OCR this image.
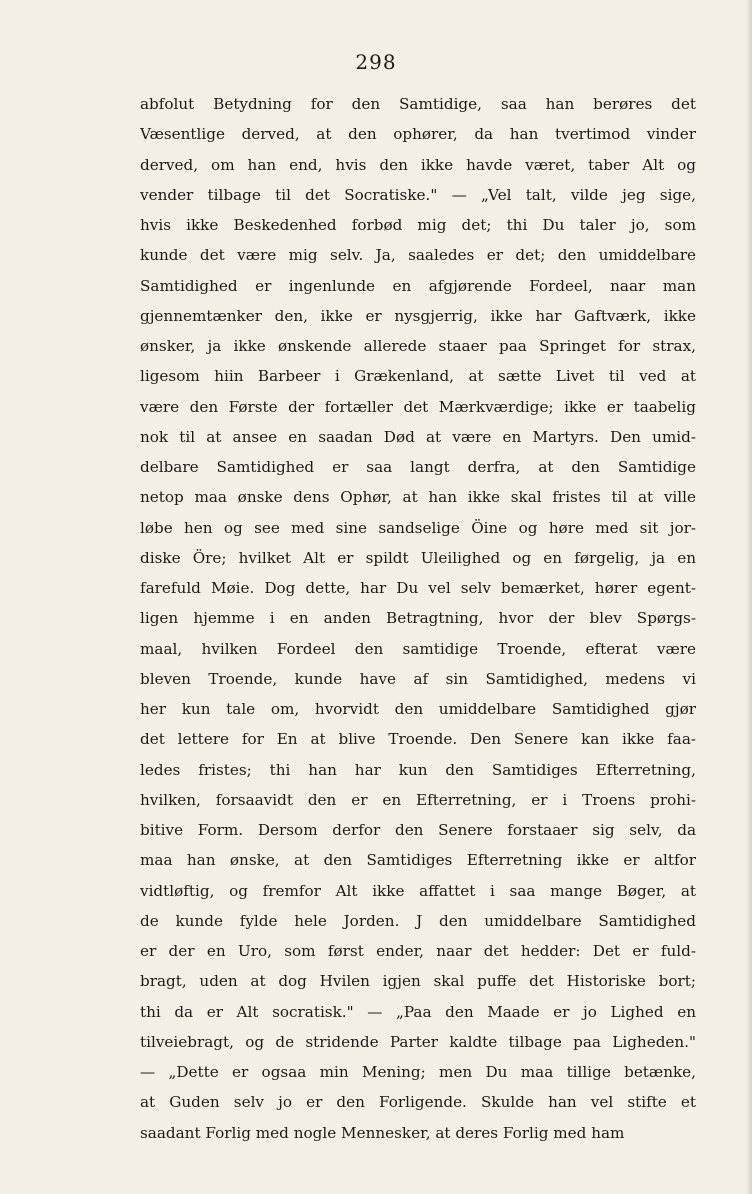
298
abfolut Betydning for den Samtidige, saa han berøres det
Væsentlige derved, at den ophører, da han tvertimod vinder
derved, om han end, hvis den ikke havde været, taber Alt og
vender tilbage til det Socratiske." — „Vel talt, vilde jeg sige,
hvis ikke Beskedenhed forbød mig det; thi Du taler jo, som
kunde det være mig selv. Ja, saaledes er det; den umiddelbare
Samtidighed er ingenlunde en afgjørende Fordeel, naar man
gjennemtænker den, ikke er nysgjerrig, ikke har Gaftværk, ikke
ønsker, ja ikke ønskende allerede staaer paa Springet for strax,
ligesom hiin Barbeer i Grækenland, at sætte Livet til ved at
være den Første der fortæller det Mærkværdige; ikke er taabelig
nok til at ansee en saadan Død at være en Martyrs. Den umid-
delbare Samtidighed er saa langt derfra, at den Samtidige
netop maa ønske dens Ophør, at han ikke skal fristes til at ville
løbe hen og see med sine sandselige Öine og høre med sit jor-
diske Öre; hvilket Alt er spildt Uleilighed og en førgelig, ja en
farefuld Møie. Dog dette, har Du vel selv bemærket, hører egent-
ligen hjemme i en anden Betragtning, hvor der blev Spørgs-
maal, hvilken Fordeel den samtidige Troende, efterat være
bleven Troende, kunde have af sin Samtidighed, medens vi
her kun tale om, hvorvidt den umiddelbare Samtidighed gjør
det lettere for En at blive Troende. Den Senere kan ikke faa-
ledes fristes; thi han har kun den Samtidiges Efterretning,
hvilken, forsaavidt den er en Efterretning, er i Troens prohi-
bitive Form. Dersom derfor den Senere forstaaer sig selv, da
maa han ønske, at den Samtidiges Efterretning ikke er altfor
vidtløftig, og fremfor Alt ikke affattet i saa mange Bøger, at
de kunde fylde hele Jorden. J den umiddelbare Samtidighed
er der en Uro, som først ender, naar det hedder: Det er fuld-
bragt, uden at dog Hvilen igjen skal puffe det Historiske bort;
thi da er Alt socratisk." — „Paa den Maade er jo Lighed en
tilveiebragt, og de stridende Parter kaldte tilbage paa Ligheden."
— „Dette er ogsaa min Mening; men Du maa tillige betænke,
at Guden selv jo er den Forligende. Skulde han vel stifte et
saadant Forlig med nogle Mennesker, at deres Forlig med ham
